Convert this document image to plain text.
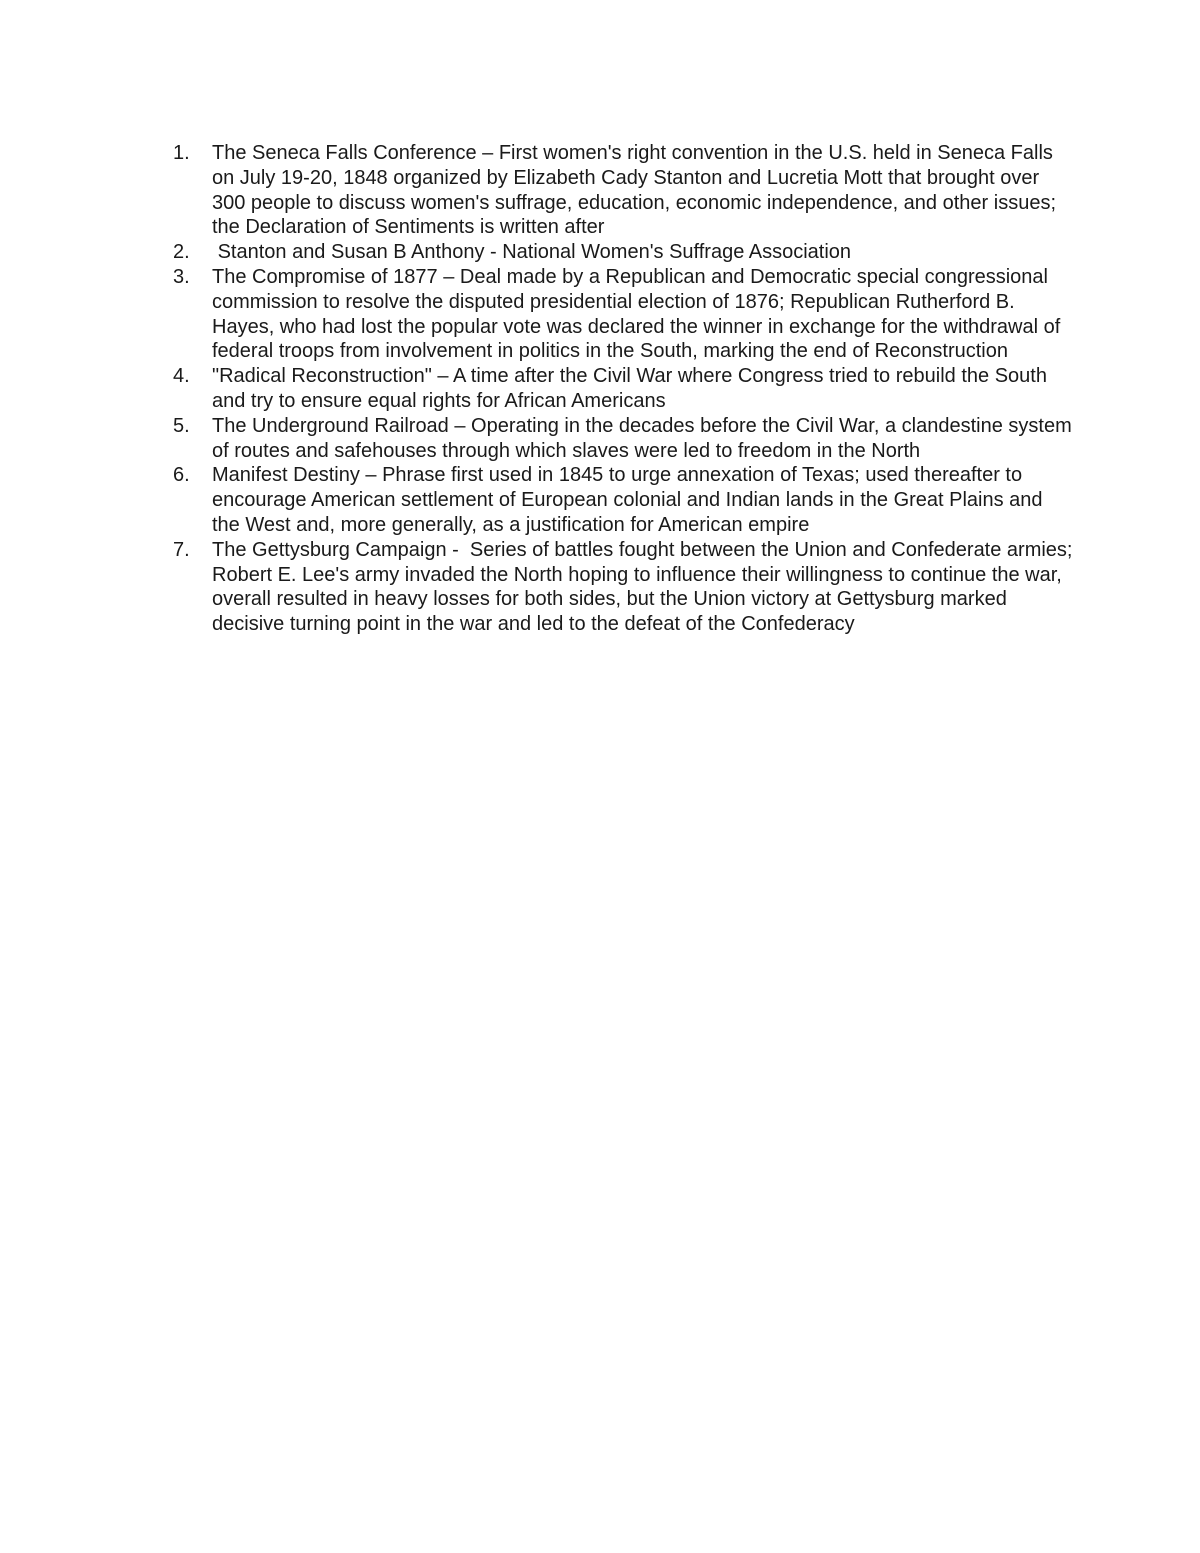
1.	The Seneca Falls Conference – First women's right convention in the U.S. held in Seneca Falls on July 19-20, 1848 organized by Elizabeth Cady Stanton and Lucretia Mott that brought over 300 people to discuss women's suffrage, education, economic independence, and other issues; the Declaration of Sentiments is written after
2.	Stanton and Susan B Anthony - National Women's Suffrage Association
3.	The Compromise of 1877 – Deal made by a Republican and Democratic special congressional commission to resolve the disputed presidential election of 1876; Republican Rutherford B. Hayes, who had lost the popular vote was declared the winner in exchange for the withdrawal of federal troops from involvement in politics in the South, marking the end of Reconstruction
4.	"Radical Reconstruction" – A time after the Civil War where Congress tried to rebuild the South and try to ensure equal rights for African Americans
5.	The Underground Railroad – Operating in the decades before the Civil War, a clandestine system of routes and safehouses through which slaves were led to freedom in the North
6.	Manifest Destiny – Phrase first used in 1845 to urge annexation of Texas; used thereafter to encourage American settlement of European colonial and Indian lands in the Great Plains and the West and, more generally, as a justification for American empire
7.	The Gettysburg Campaign -  Series of battles fought between the Union and Confederate armies; Robert E. Lee's army invaded the North hoping to influence their willingness to continue the war, overall resulted in heavy losses for both sides, but the Union victory at Gettysburg marked decisive turning point in the war and led to the defeat of the Confederacy
